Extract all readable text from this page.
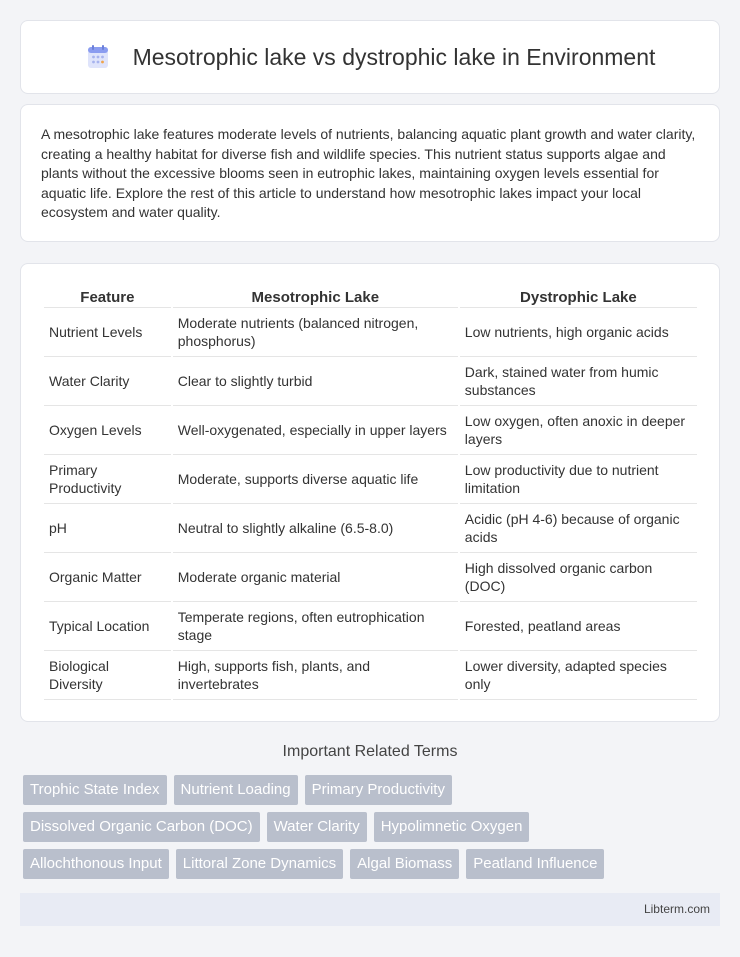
Mesotrophic lake vs dystrophic lake in Environment

A mesotrophic lake features moderate levels of nutrients, balancing aquatic plant growth and water clarity, creating a healthy habitat for diverse fish and wildlife species. This nutrient status supports algae and plants without the excessive blooms seen in eutrophic lakes, maintaining oxygen levels essential for aquatic life. Explore the rest of this article to understand how mesotrophic lakes impact your local ecosystem and water quality.

Feature	Mesotrophic Lake	Dystrophic Lake
Nutrient Levels	Moderate nutrients (balanced nitrogen, phosphorus)	Low nutrients, high organic acids
Water Clarity	Clear to slightly turbid	Dark, stained water from humic substances
Oxygen Levels	Well-oxygenated, especially in upper layers	Low oxygen, often anoxic in deeper layers
Primary Productivity	Moderate, supports diverse aquatic life	Low productivity due to nutrient limitation
pH	Neutral to slightly alkaline (6.5-8.0)	Acidic (pH 4-6) because of organic acids
Organic Matter	Moderate organic material	High dissolved organic carbon (DOC)
Typical Location	Temperate regions, often eutrophication stage	Forested, peatland areas
Biological Diversity	High, supports fish, plants, and invertebrates	Lower diversity, adapted species only
Important Related Terms
Trophic State Index	Nutrient Loading	Primary Productivity
Dissolved Organic Carbon (DOC)	Water Clarity	Hypolimnetic Oxygen
Allochthonous Input	Littoral Zone Dynamics	Algal Biomass	Peatland Influence
Libterm.com
